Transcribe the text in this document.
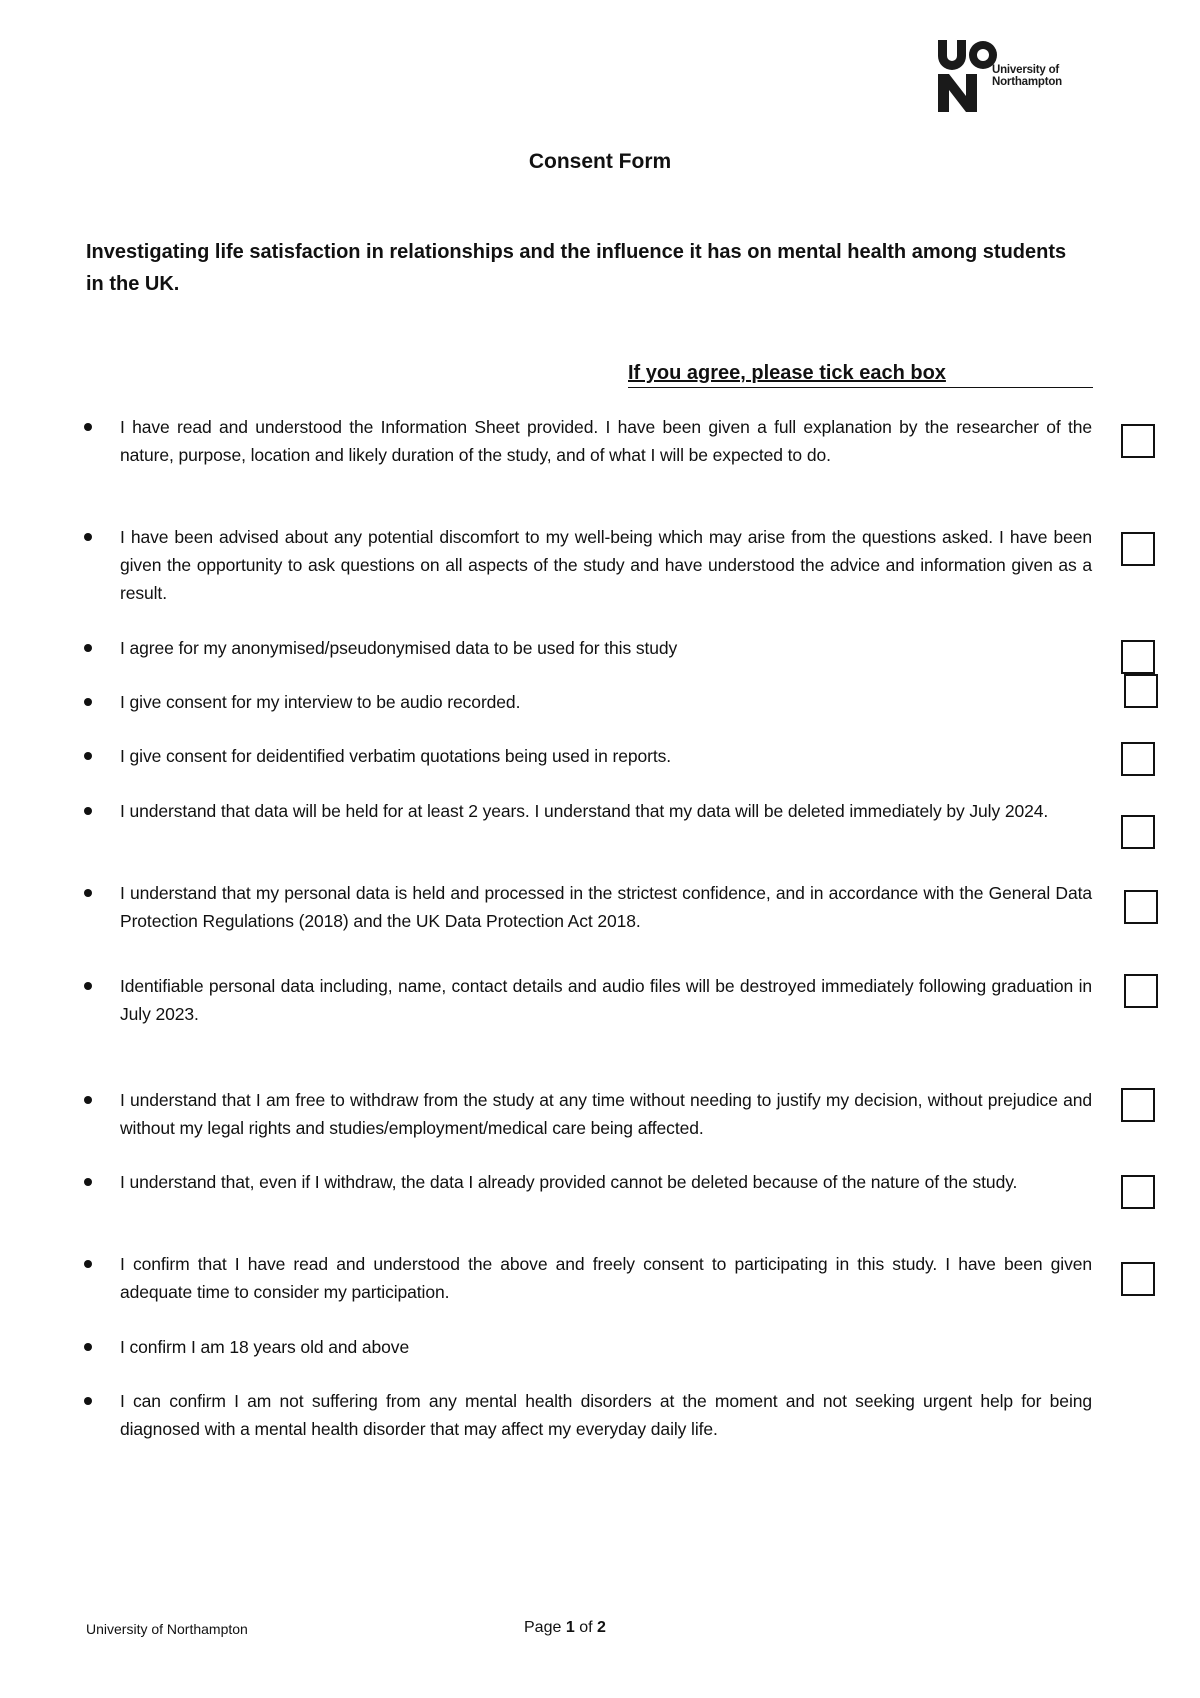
University of
Northampton
Consent Form
Investigating life satisfaction in relationships and the influence it has on mental health among students in the UK.
If you agree, please tick each box
I have read and understood the Information Sheet provided. I have been given a full explanation by the researcher of the nature, purpose, location and likely duration of the study, and of what I will be expected to do.
I have been advised about any potential discomfort to my well-being which may arise from the questions asked. I have been given the opportunity to ask questions on all aspects of the study and have understood the advice and information given as a result.
I agree for my anonymised/pseudonymised data to be used for this study
I give consent for my interview to be audio recorded.
I give consent for deidentified verbatim quotations being used in reports.
I understand that data will be held for at least 2 years. I understand that my data will be deleted immediately by July 2024.
I understand that my personal data is held and processed in the strictest confidence, and in accordance with the General Data Protection Regulations (2018) and the UK Data Protection Act 2018.
Identifiable personal data including, name, contact details and audio files will be destroyed immediately following graduation in July 2023.
I understand that I am free to withdraw from the study at any time without needing to justify my decision, without prejudice and without my legal rights and studies/employment/medical care being affected.
I understand that, even if I withdraw, the data I already provided cannot be deleted because of the nature of the study.
I confirm that I have read and understood the above and freely consent to participating in this study. I have been given adequate time to consider my participation.
I confirm I am 18 years old and above
I can confirm I am not suffering from any mental health disorders at the moment and not seeking urgent help for being diagnosed with a mental health disorder that may affect my everyday daily life.
University of Northampton	Page 1 of 2
